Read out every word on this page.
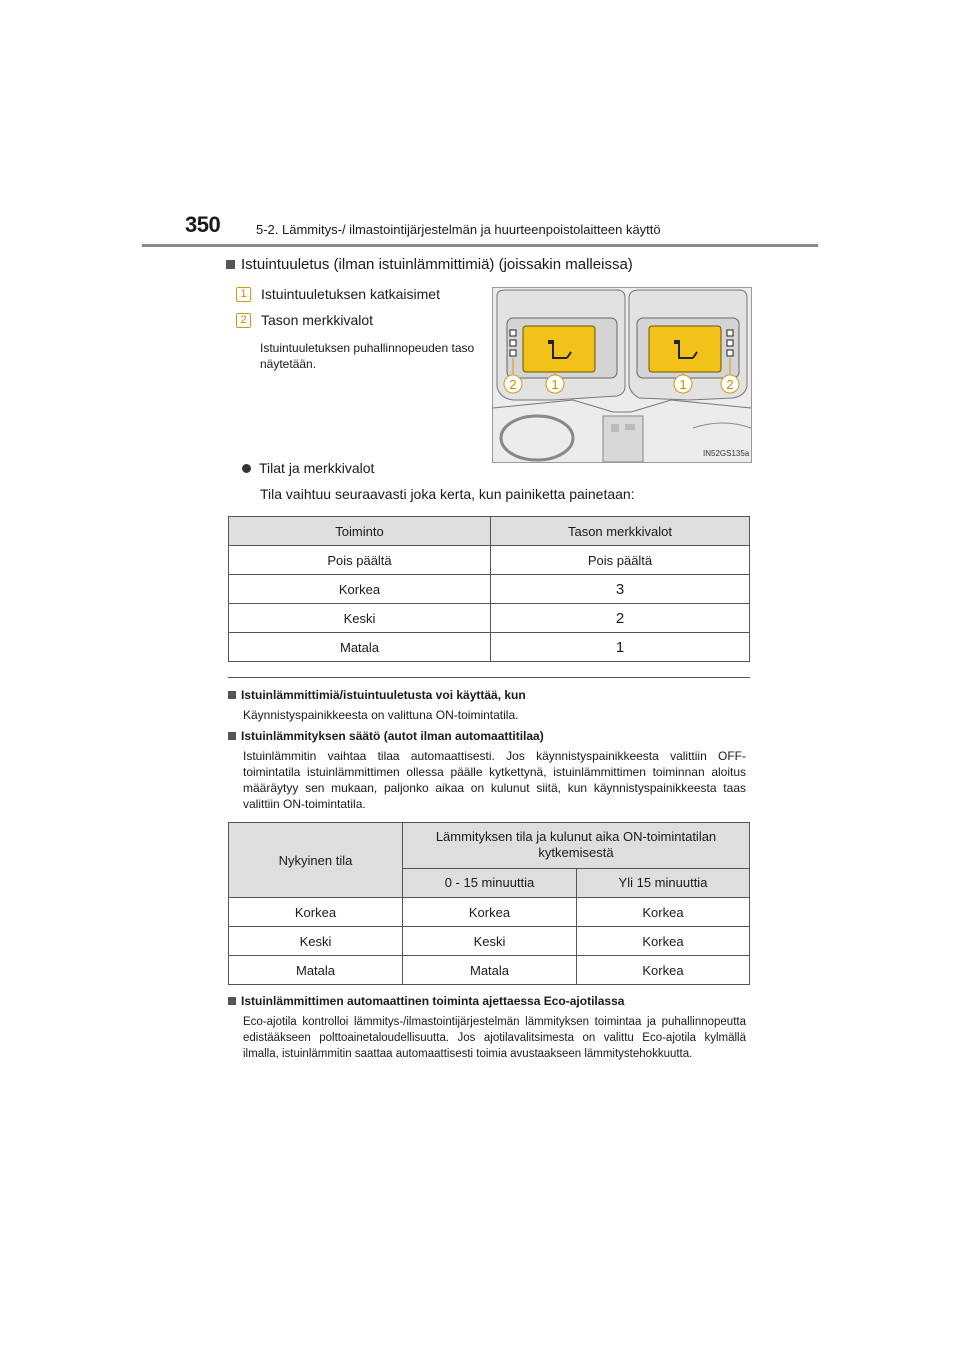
350	5-2. Lämmitys-/ ilmastointijärjestelmän ja huurteenpoistolaitteen käyttö
Istuintuuletus (ilman istuinlämmittimiä) (joissakin malleissa)
1	Istuintuuletuksen katkaisimet
2	Tason merkkivalot
Istuintuuletuksen puhallinnopeuden taso näytetään.
2	1	1	2
IN52GS135a
Tilat ja merkkivalot
Tila vaihtuu seuraavasti joka kerta, kun painiketta painetaan:
Toiminto	Tason merkkivalot
Pois päältä	Pois päältä
Korkea	3
Keski	2
Matala	1
Istuinlämmittimiä/istuintuuletusta voi käyttää, kun
Käynnistyspainikkeesta on valittuna ON-toimintatila.
Istuinlämmityksen säätö (autot ilman automaattitilaa)
Istuinlämmitin vaihtaa tilaa automaattisesti. Jos käynnistyspainikkeesta valittiin OFF-toimintatila istuinlämmittimen ollessa päälle kytkettynä, istuinlämmittimen toiminnan aloitus määräytyy sen mukaan, paljonko aikaa on kulunut siitä, kun käynnistyspainikkeesta taas valittiin ON-toimintatila.
Nykyinen tila	Lämmityksen tila ja kulunut aika ON-toimintatilan kytkemisestä	
	0 - 15 minuuttia	Yli 15 minuuttia
Korkea	Korkea	Korkea
Keski	Keski	Korkea
Matala	Matala	Korkea
Istuinlämmittimen automaattinen toiminta ajettaessa Eco-ajotilassa
Eco-ajotila kontrolloi lämmitys-/ilmastointijärjestelmän lämmityksen toimintaa ja puhallinnopeutta edistääkseen polttoainetaloudellisuutta. Jos ajotilavalitsimesta on valittu Eco-ajotila kylmällä ilmalla, istuinlämmitin saattaa automaattisesti toimia avustaakseen lämmitystehokkuutta.
